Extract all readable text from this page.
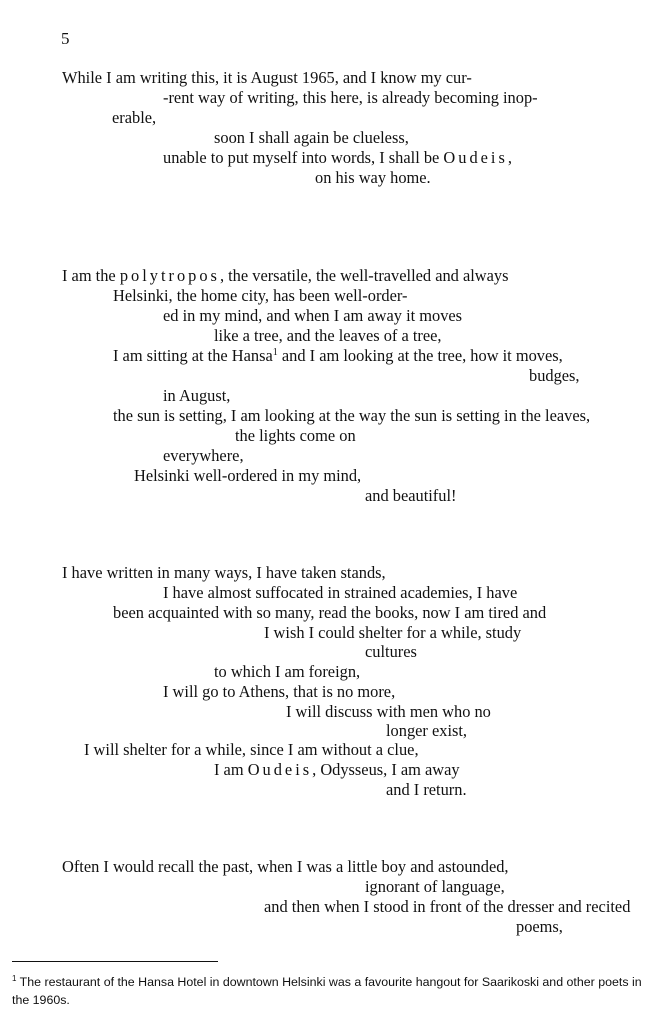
5
While I am writing this, it is August 1965, and I know my cur-
-rent way of writing, this here, is already becoming inop-
erable,
soon I shall again be clueless,
unable to put myself into words, I shall be Oudeis,
on his way home.
I am the polytropos, the versatile, the well-travelled and always
Helsinki, the home city, has been well-order-
ed in my mind, and when I am away it moves
like a tree, and the leaves of a tree,
I am sitting at the Hansa$^1$ and I am looking at the tree, how it moves,
budges,
in August,
the sun is setting, I am looking at the way the sun is setting in the leaves,
the lights come on
everywhere,
Helsinki well-ordered in my mind,
and beautiful!
I have written in many ways, I have taken stands,
I have almost suffocated in strained academies, I have
been acquainted with so many, read the books, now I am tired and
I wish I could shelter for a while, study
cultures
to which I am foreign,
I will go to Athens, that is no more,
I will discuss with men who no
longer exist,
I will shelter for a while, since I am without a clue,
I am Oudeis, Odysseus, I am away
and I return.
Often I would recall the past, when I was a little boy and astounded,
ignorant of language,
and then when I stood in front of the dresser and recited
poems,
$^1$ The restaurant of the Hansa Hotel in downtown Helsinki was a favourite hangout for Saarikoski and other poets in the 1960s.
